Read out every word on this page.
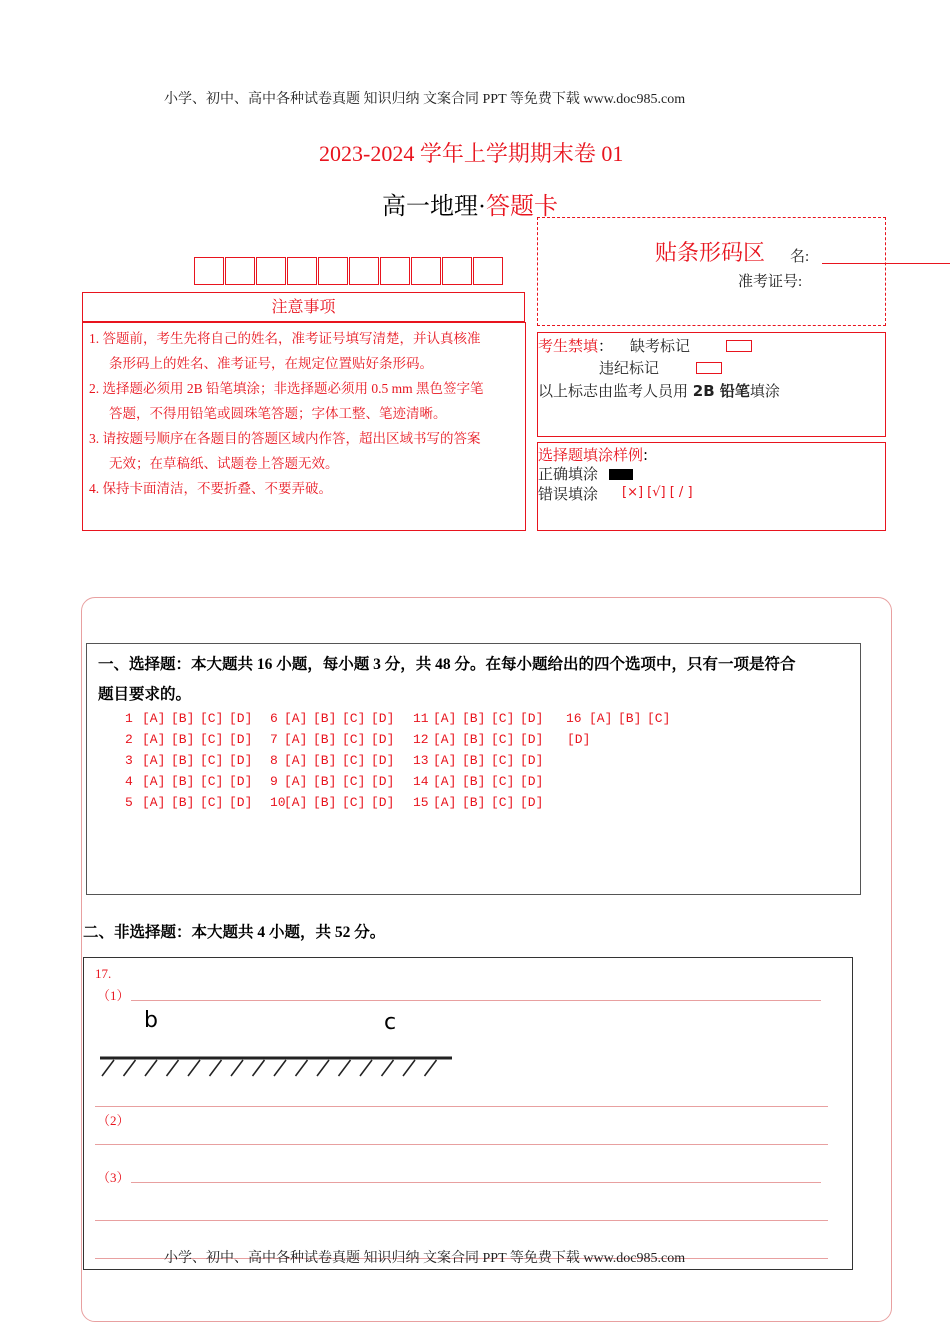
小学、初中、高中各种试卷真题 知识归纳 文案合同 PPT 等免费下载 www.doc985.com
2023-2024 学年上学期期末卷 01
高一地理·答题卡
贴条形码区 名:
准考证号:
注意事项
1. 答题前，考生先将自己的姓名，准考证号填写清楚，并认真核准
条形码上的姓名、准考证号，在规定位置贴好条形码。
2. 选择题必须用 2B 铅笔填涂；非选择题必须用 0.5 mm 黑色签字笔
答题，不得用铅笔或圆珠笔答题；字体工整、笔迹清晰。
3. 请按题号顺序在各题目的答题区域内作答，超出区域书写的答案
无效；在草稿纸、试题卷上答题无效。
4. 保持卡面清洁，不要折叠、不要弄破。
考生禁填： 缺考标记
违纪标记
以上标志由监考人员用 2B 铅笔填涂
选择题填涂样例:
正确填涂
错误填涂 [×] [√] [ / ]
一、选择题：本大题共 16 小题，每小题 3 分，共 48 分。在每小题给出的四个选项中，只有一项是符合
题目要求的。
1 [A] [B] [C] [D]
2 [A] [B] [C] [D]
3 [A] [B] [C] [D]
4 [A] [B] [C] [D]
5 [A] [B] [C] [D]
6 [A] [B] [C] [D]
7 [A] [B] [C] [D]
8 [A] [B] [C] [D]
9 [A] [B] [C] [D]
10
[A] [B] [C] [D]
11 [A] [B] [C] [D]
12 [A] [B] [C] [D]
13 [A] [B] [C] [D]
14 [A] [B] [C] [D]
15 [A] [B] [C] [D]
16 [A] [B] [C]
[D]
二、非选择题：本大题共 4 小题，共 52 分。
17.
（1）
b	c
（2）
（3）
小学、初中、高中各种试卷真题 知识归纳 文案合同 PPT 等免费下载 www.doc985.com
